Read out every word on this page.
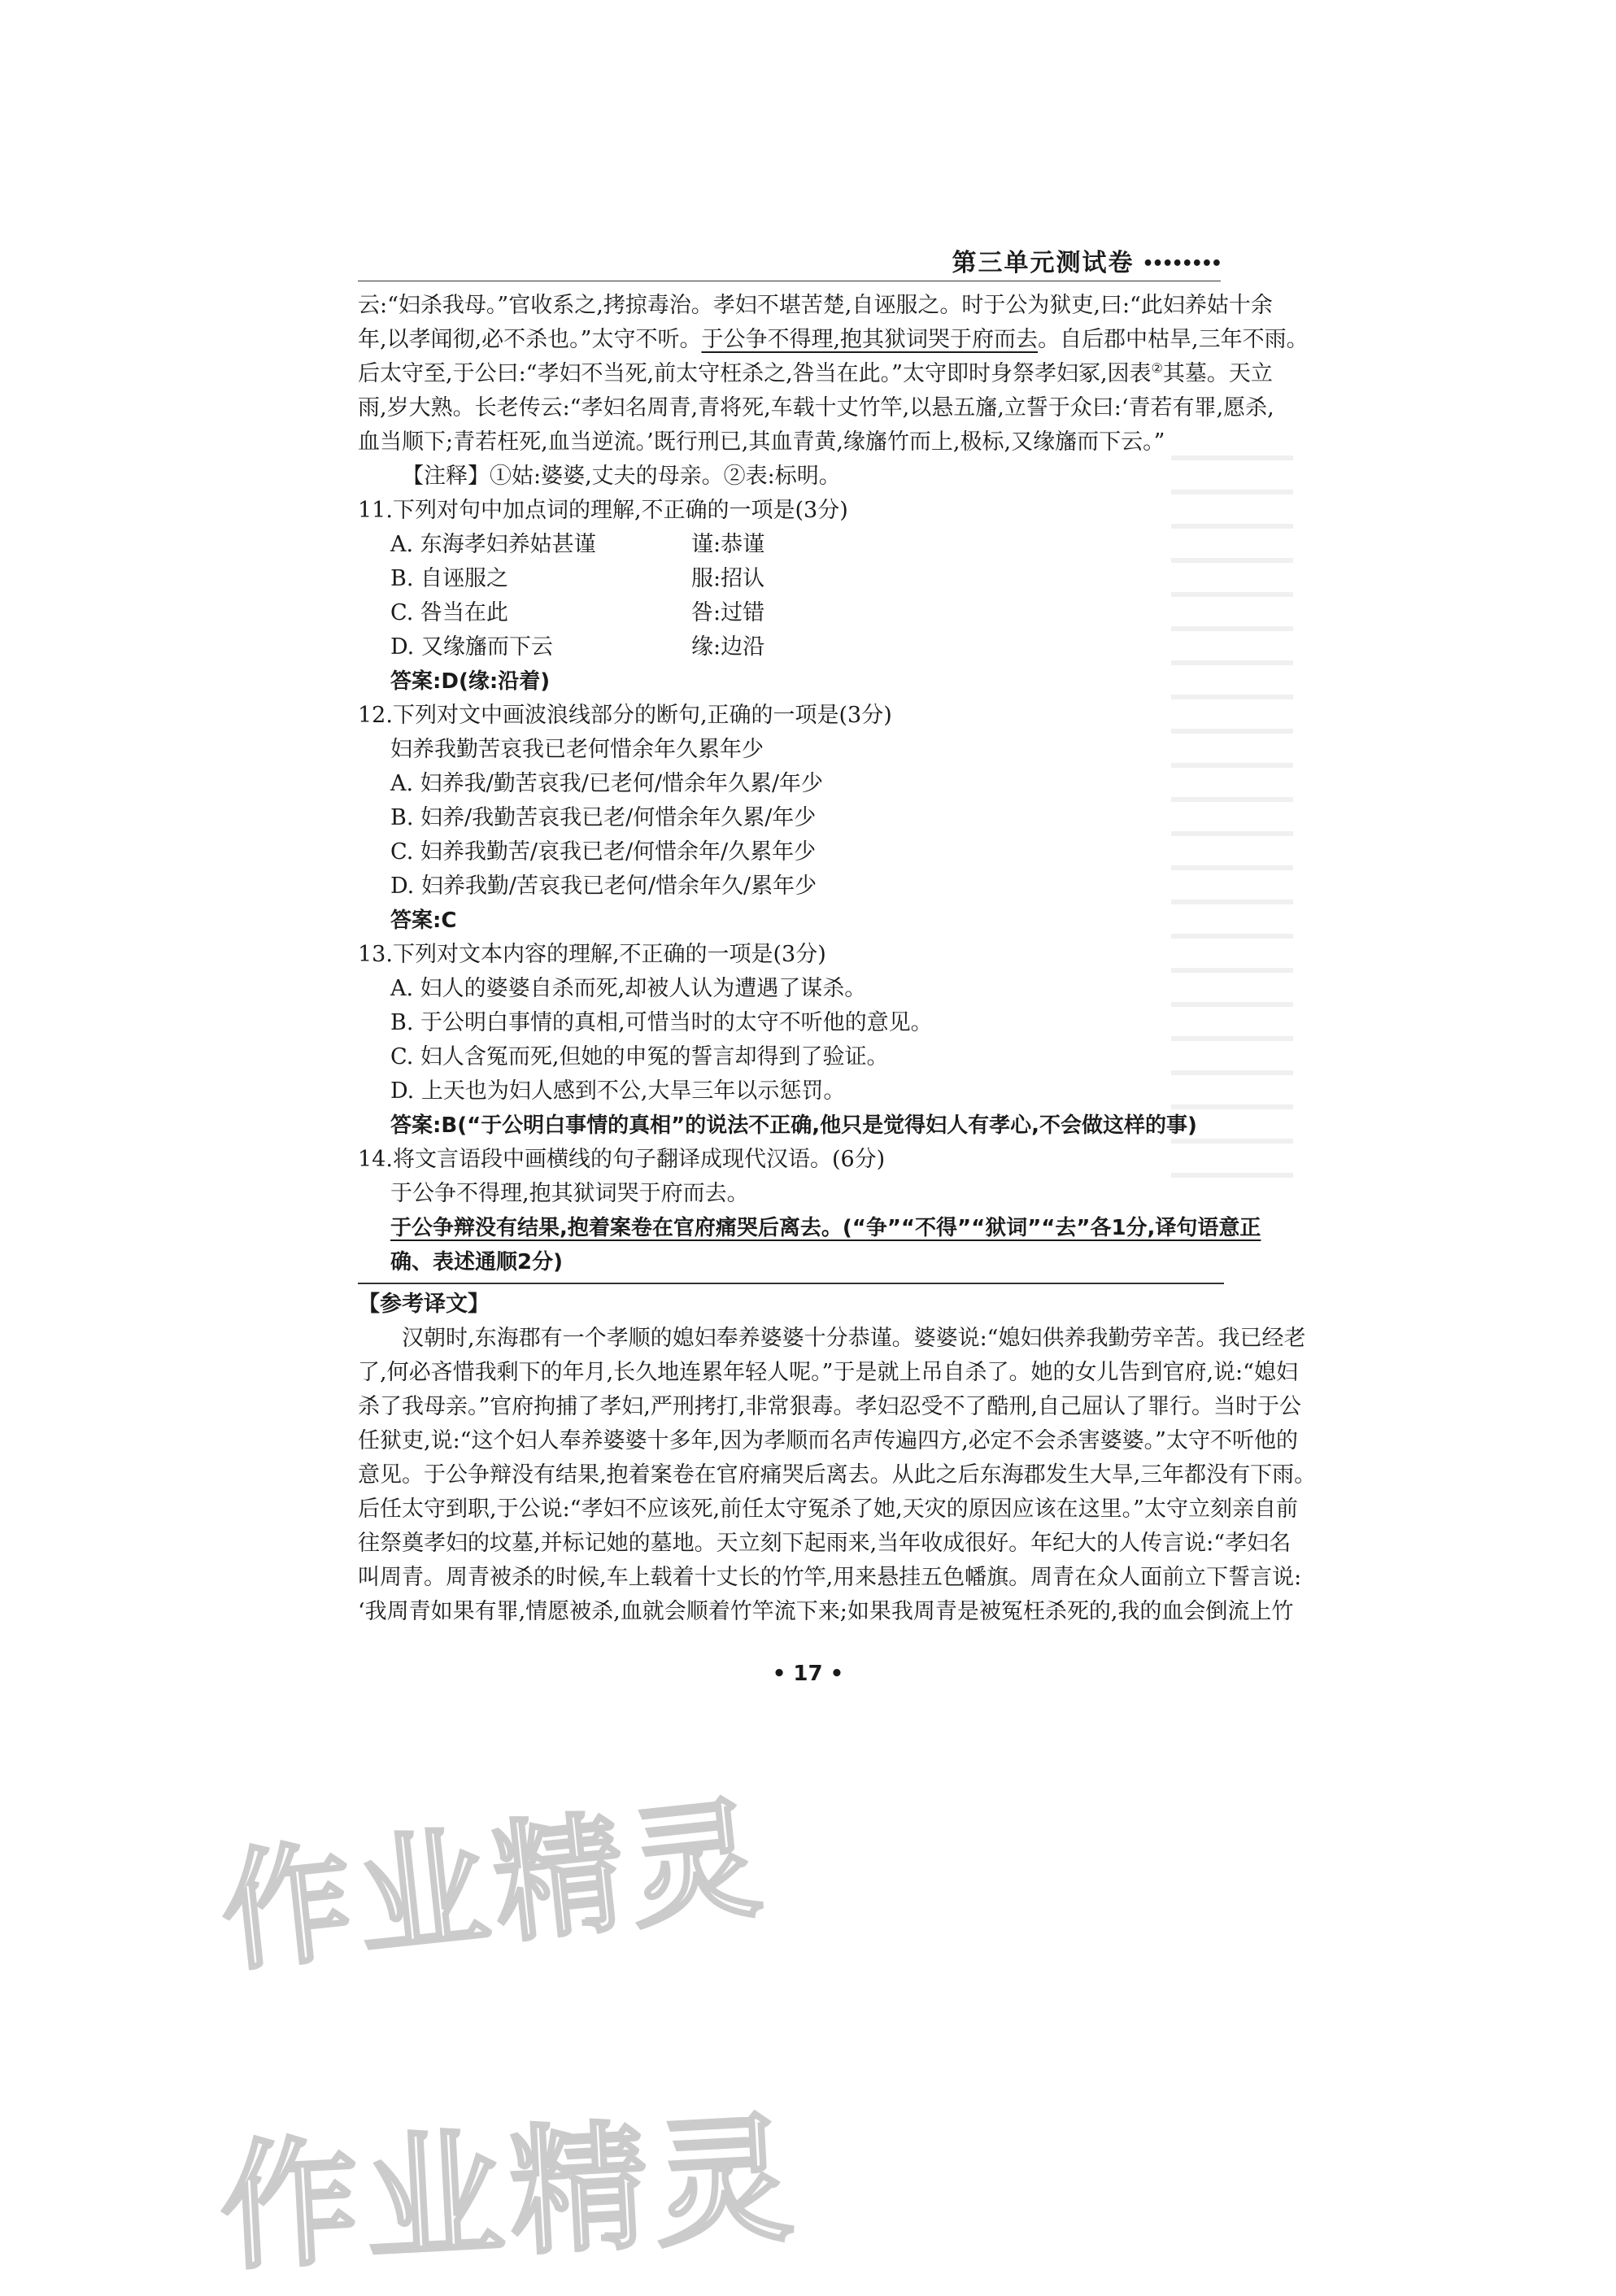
第三单元测试卷 ••••••••

云:“妇杀我母。”官收系之,拷掠毒治。孝妇不堪苦楚,自诬服之。时于公为狱吏,曰:“此妇养姑十余

年,以孝闻彻,必不杀也。”太守不听。于公争不得理,抱其狱词哭于府而去。自后郡中枯旱,三年不雨。

后太守至,于公曰:“孝妇不当死,前太守枉杀之,咎当在此。”太守即时身祭孝妇冢,因表②其墓。天立

雨,岁大熟。长老传云:“孝妇名周青,青将死,车载十丈竹竿,以悬五旛,立誓于众曰:‘青若有罪,愿杀,

血当顺下;青若枉死,血当逆流。’既行刑已,其血青黄,缘旛竹而上,极标,又缘旛而下云。”

【注释】①姑:婆婆,丈夫的母亲。②表:标明。

11.下列对句中加点词的理解,不正确的一项是(3分)

A. 东海孝妇养姑甚谨	谨:恭谨

B. 自诬服之	服:招认

C. 咎当在此	咎:过错

D. 又缘旛而下云	缘:边沿

答案:D(缘:沿着)

12.下列对文中画波浪线部分的断句,正确的一项是(3分)

妇养我勤苦哀我已老何惜余年久累年少

A. 妇养我/勤苦哀我/已老何/惜余年久累/年少

B. 妇养/我勤苦哀我已老/何惜余年久累/年少

C. 妇养我勤苦/哀我已老/何惜余年/久累年少

D. 妇养我勤/苦哀我已老何/惜余年久/累年少

答案:C

13.下列对文本内容的理解,不正确的一项是(3分)

A. 妇人的婆婆自杀而死,却被人认为遭遇了谋杀。

B. 于公明白事情的真相,可惜当时的太守不听他的意见。

C. 妇人含冤而死,但她的申冤的誓言却得到了验证。

D. 上天也为妇人感到不公,大旱三年以示惩罚。

答案:B(“于公明白事情的真相”的说法不正确,他只是觉得妇人有孝心,不会做这样的事)

14.将文言语段中画横线的句子翻译成现代汉语。(6分)

于公争不得理,抱其狱词哭于府而去。

于公争辩没有结果,抱着案卷在官府痛哭后离去。(“争”“不得”“狱词”“去”各1分,译句语意正

确、表述通顺2分)

【参考译文】

汉朝时,东海郡有一个孝顺的媳妇奉养婆婆十分恭谨。婆婆说:“媳妇供养我勤劳辛苦。我已经老

了,何必吝惜我剩下的年月,长久地连累年轻人呢。”于是就上吊自杀了。她的女儿告到官府,说:“媳妇

杀了我母亲。”官府拘捕了孝妇,严刑拷打,非常狠毒。孝妇忍受不了酷刑,自己屈认了罪行。当时于公

任狱吏,说:“这个妇人奉养婆婆十多年,因为孝顺而名声传遍四方,必定不会杀害婆婆。”太守不听他的

意见。于公争辩没有结果,抱着案卷在官府痛哭后离去。从此之后东海郡发生大旱,三年都没有下雨。

后任太守到职,于公说:“孝妇不应该死,前任太守冤杀了她,天灾的原因应该在这里。”太守立刻亲自前

往祭奠孝妇的坟墓,并标记她的墓地。天立刻下起雨来,当年收成很好。年纪大的人传言说:“孝妇名

叫周青。周青被杀的时候,车上载着十丈长的竹竿,用来悬挂五色幡旗。周青在众人面前立下誓言说:

‘我周青如果有罪,情愿被杀,血就会顺着竹竿流下来;如果我周青是被冤枉杀死的,我的血会倒流上竹

• 17 •
作业精灵
作业精灵
